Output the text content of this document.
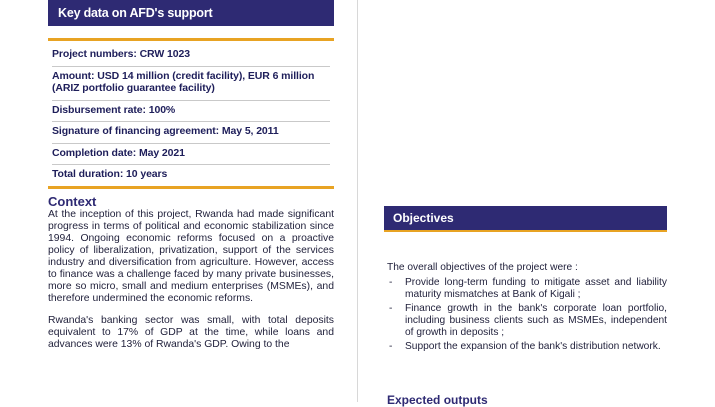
Key data on AFD's support
Project numbers: CRW 1023
Amount: USD 14 million (credit facility), EUR 6 million (ARIZ portfolio guarantee facility)
Disbursement rate: 100%
Signature of financing agreement: May 5, 2011
Completion date: May 2021
Total duration: 10 years
Context

At the inception of this project, Rwanda had made significant progress in terms of political and economic stabilization since 1994. Ongoing economic reforms focused on a proactive policy of liberalization, privatization, support of the services industry and diversification from agriculture. However, access to finance was a challenge faced by many private businesses, more so micro, small and medium enterprises (MSMEs), and therefore undermined the economic reforms.

Rwanda's banking sector was small, with total deposits equivalent to 17% of GDP at the time, while loans and advances were 13% of Rwanda's GDP. Owing to the

Objectives

The overall objectives of the project were :

- Provide long-term funding to mitigate asset and liability maturity mismatches at Bank of Kigali ;
- Finance growth in the bank's corporate loan portfolio, including business clients such as MSMEs, independent of growth in deposits ;
- Support the expansion of the bank's distribution network.
Expected outputs
